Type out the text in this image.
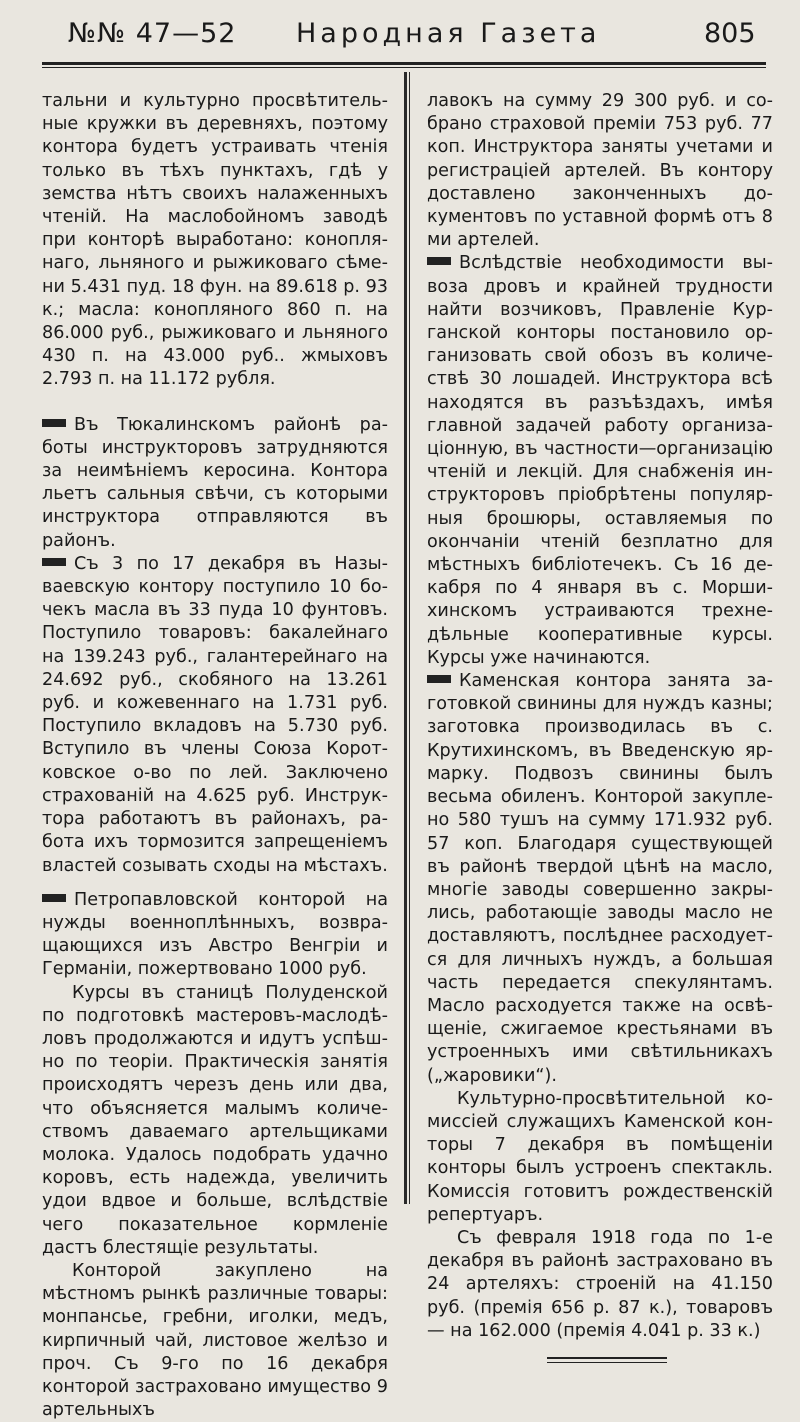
№№ 47—52 Народная Газета	805

тальни и культурно просвѣтительные кружки въ деревняхъ, поэтому контора будетъ устраивать чтенія только въ тѣхъ пунктахъ, гдѣ у земства нѣтъ своихъ налаженныхъ чтеній. На маслобойномъ заводѣ при конторѣ выработано: коноплянаго, льняного и рыжиковаго сѣмени 5.431 пуд. 18 фун. на 89.618 р. 93 к.; масла: конопляного 860 п. на 86.000 руб., рыжиковаго и льняного 430 п. на 43.000 руб.. жмыховъ 2.793 п. на 11.172 рубля.

Въ Тюкалинскомъ районѣ работы инструкторовъ затрудняются за неимѣніемъ керосина. Контора льетъ сальныя свѣчи, съ которыми инструктора отправляются въ районъ.

Съ 3 по 17 декабря въ Называевскую контору поступило 10 бочекъ масла въ 33 пуда 10 фунтовъ. Поступило товаровъ: бакалейнаго на 139.243 руб., галантерейнаго на 24.692 руб., скобяного на 13.261 руб. и кожевеннаго на 1.731 руб. Поступило вкладовъ на 5.730 руб. Вступило въ члены Союза Коротковское о-во по лей. Заключено страхованій на 4.625 руб. Инструктора работаютъ въ районахъ, работа ихъ тормозится запрещеніемъ властей созывать сходы на мѣстахъ.

Петропавловской конторой на нужды военноплѣнныхъ, возвращающихся изъ Австро Венгріи и Германіи, пожертвовано 1000 руб.

Курсы въ станицѣ Полуденской по подготовкѣ мастеровъ-маслодѣловъ продолжаются и идутъ успѣшно по теоріи. Практическія занятія происходятъ черезъ день или два, что объясняется малымъ количествомъ даваемаго артельщиками молока. Удалось подобрать удачно коровъ, есть надежда, увеличить удои вдвое и больше, вслѣдствіе чего показательное кормленіе дастъ блестящіе результаты.

Конторой закуплено на мѣстномъ рынкѣ различные товары: монпансье, гребни, иголки, медъ, кирпичный чай, листовое желѣзо и проч. Съ 9-го по 16 декабря конторой застраховано имущество 9 артельныхъ

лавокъ на сумму 29 300 руб. и собрано страховой преміи 753 руб. 77 коп. Инструктора заняты учетами и регистраціей артелей. Въ контору доставлено законченныхъ документовъ по уставной формѣ отъ 8 ми артелей.

Вслѣдствіе необходимости вывоза дровъ и крайней трудности найти возчиковъ, Правленіе Курганской конторы постановило организовать свой обозъ въ количествѣ 30 лошадей. Инструктора всѣ находятся въ разъѣздахъ, имѣя главной задачей работу организаціонную, въ частности—организацію чтеній и лекцій. Для снабженія инструкторовъ пріобрѣтены популярныя брошюры, оставляемыя по окончаніи чтеній безплатно для мѣстныхъ библіотечекъ. Съ 16 декабря по 4 января въ с. Моршихинскомъ устраиваются трехнедѣльные кооперативные курсы. Курсы уже начинаются.

Каменская контора занята заготовкой свинины для нуждъ казны; заготовка производилась въ с. Крутихинскомъ, въ Введенскую ярмарку. Подвозъ свинины былъ весьма обиленъ. Конторой закуплено 580 тушъ на сумму 171.932 руб. 57 коп. Благодаря существующей въ районѣ твердой цѣнѣ на масло, многіе заводы совершенно закрылись, работающіе заводы масло не доставляютъ, послѣднее расходуется для личныхъ нуждъ, а большая часть передается спекулянтамъ. Масло расходуется также на освѣщеніе, сжигаемое крестьянами въ устроенныхъ ими свѣтильникахъ („жаровики“).

Культурно-просвѣтительной комиссіей служащихъ Каменской конторы 7 декабря въ помѣщеніи конторы былъ устроенъ спектакль. Комиссія готовитъ рождественскій репертуаръ.

Съ февраля 1918 года по 1-е декабря въ районѣ застраховано въ 24 артеляхъ: строеній на 41.150 руб. (премія 656 р. 87 к.), товаровъ— на 162.000 (премія 4.041 р. 33 к.)
